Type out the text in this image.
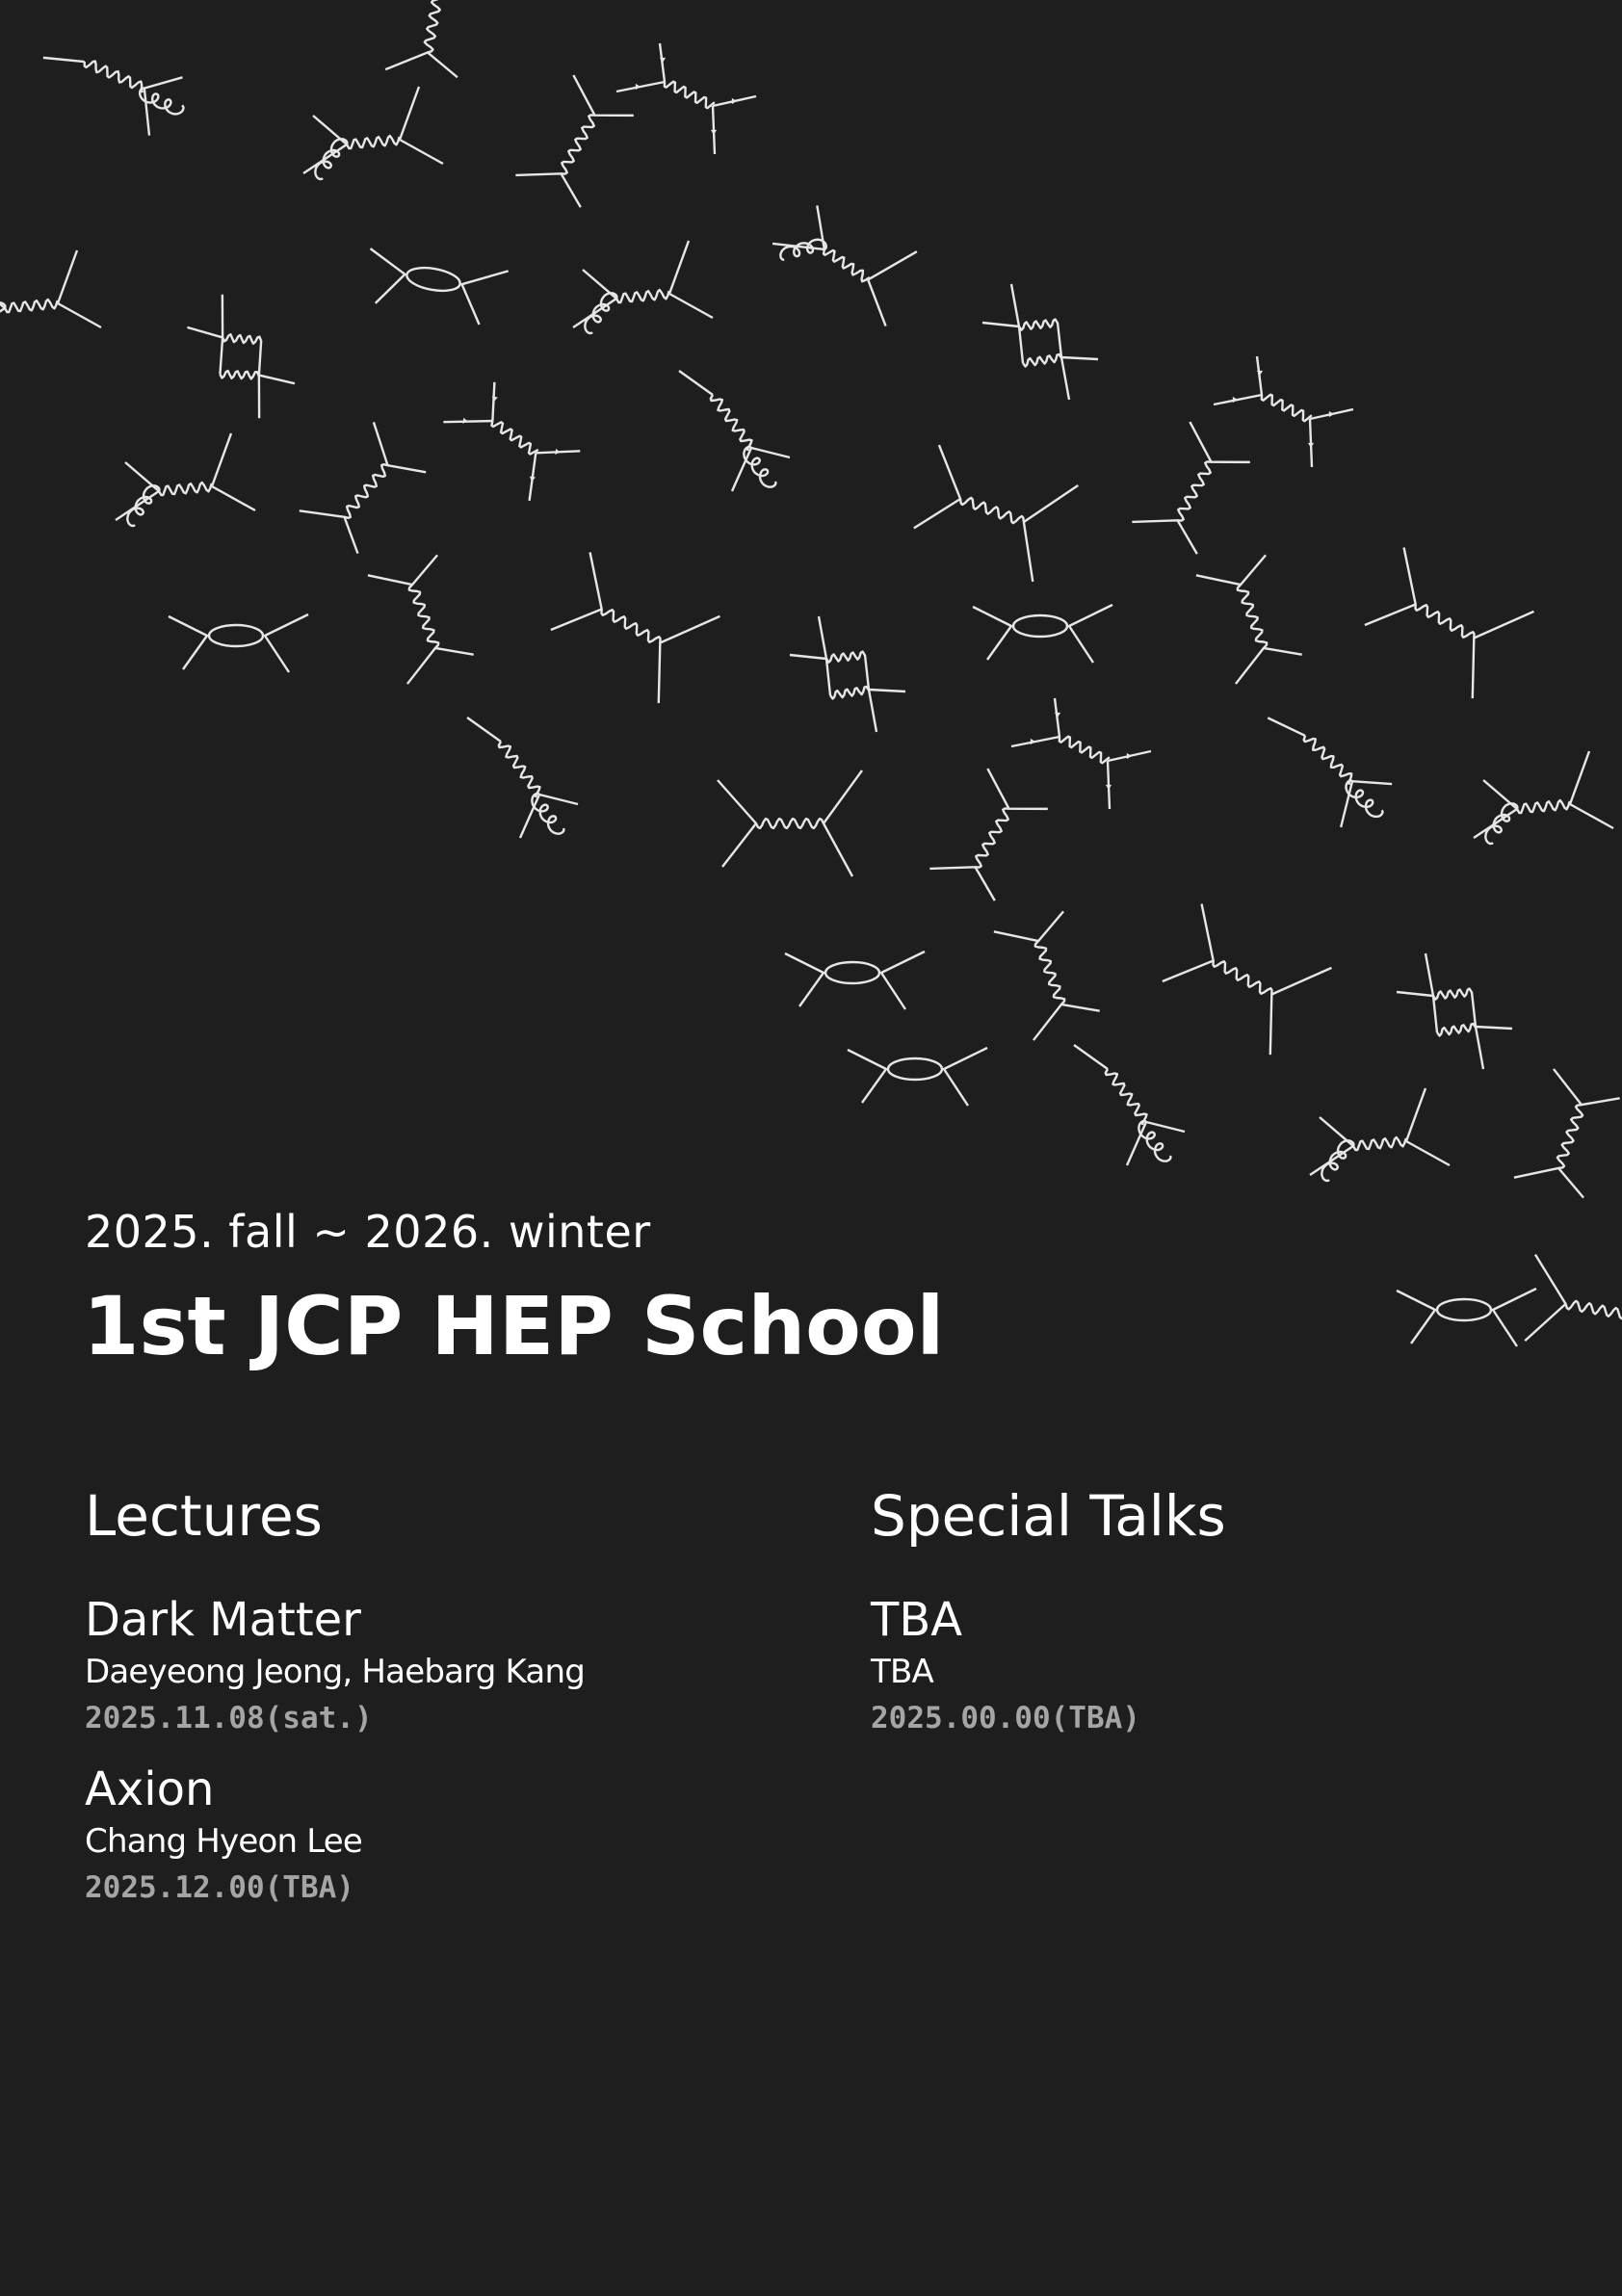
2025. fall ~ 2026. winter
1st JCP HEP School
Lectures
Dark Matter
Daeyeong Jeong, Haebarg Kang
2025.11.08(sat.)
Axion
Chang Hyeon Lee
2025.12.00(TBA)
Special Talks
TBA
TBA
2025.00.00(TBA)
